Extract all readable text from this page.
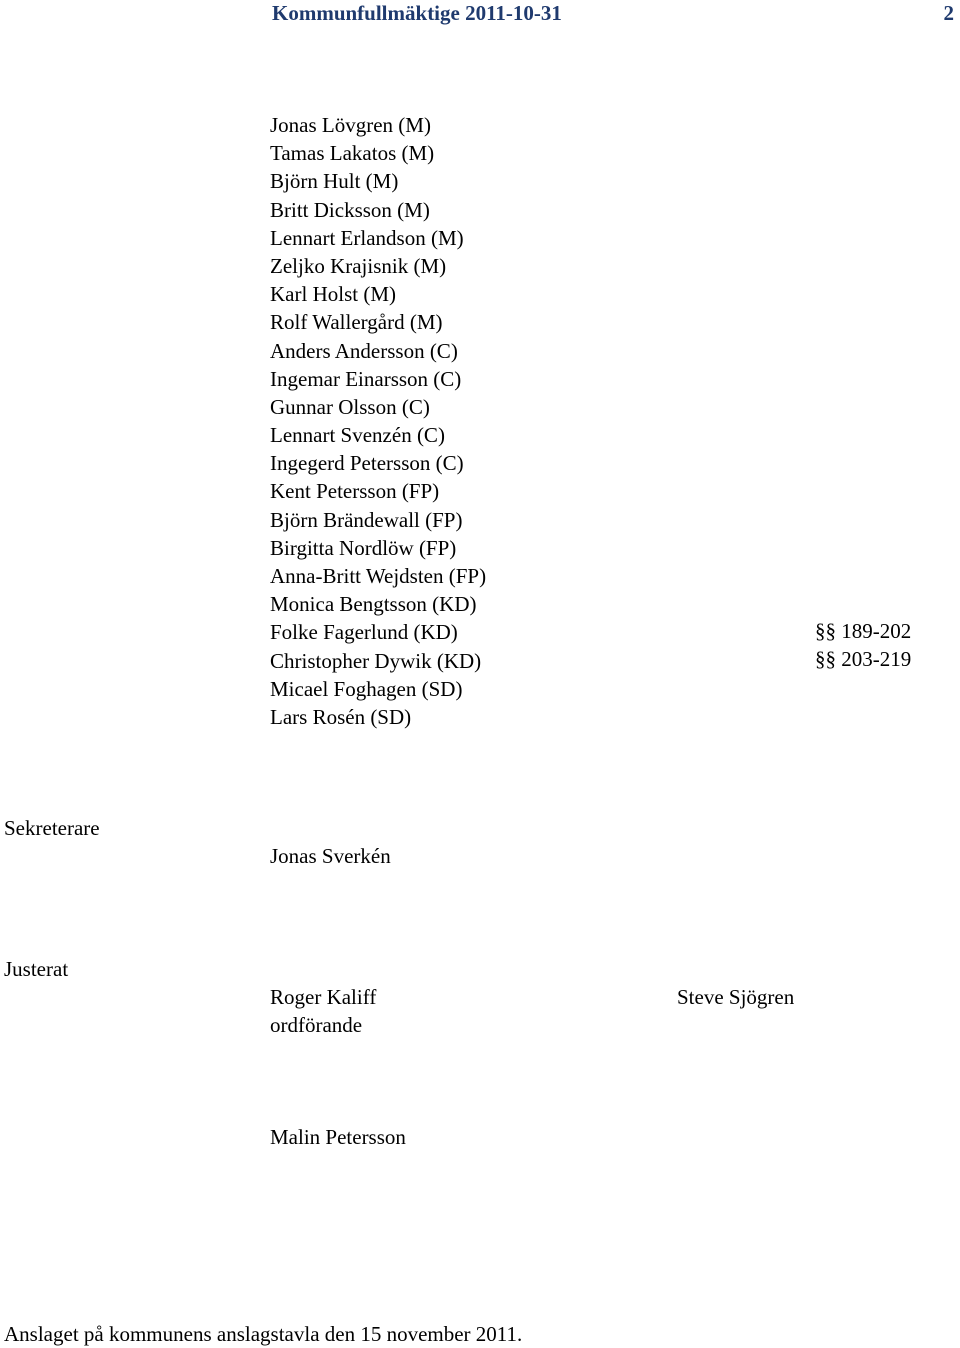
Kommunfullmäktige 2011-10-31	2
Jonas Lövgren (M)
Tamas Lakatos (M)
Björn Hult (M)
Britt Dicksson (M)
Lennart Erlandson (M)
Zeljko Krajisnik (M)
Karl Holst (M)
Rolf Wallergård (M)
Anders Andersson (C)
Ingemar Einarsson (C)
Gunnar Olsson (C)
Lennart Svenzén (C)
Ingegerd Petersson (C)
Kent Petersson (FP)
Björn Brändewall (FP)
Birgitta Nordlöw (FP)
Anna-Britt Wejdsten (FP)
Monica Bengtsson (KD)
Folke Fagerlund (KD)
Christopher Dywik (KD)
Micael Foghagen (SD)
Lars Rosén (SD)
§§ 189-202
§§ 203-219
Sekreterare
Jonas Sverkén
Justerat
Roger Kaliff
ordförande
Steve Sjögren
Malin Petersson
Anslaget på kommunens anslagstavla den 15 november 2011.
